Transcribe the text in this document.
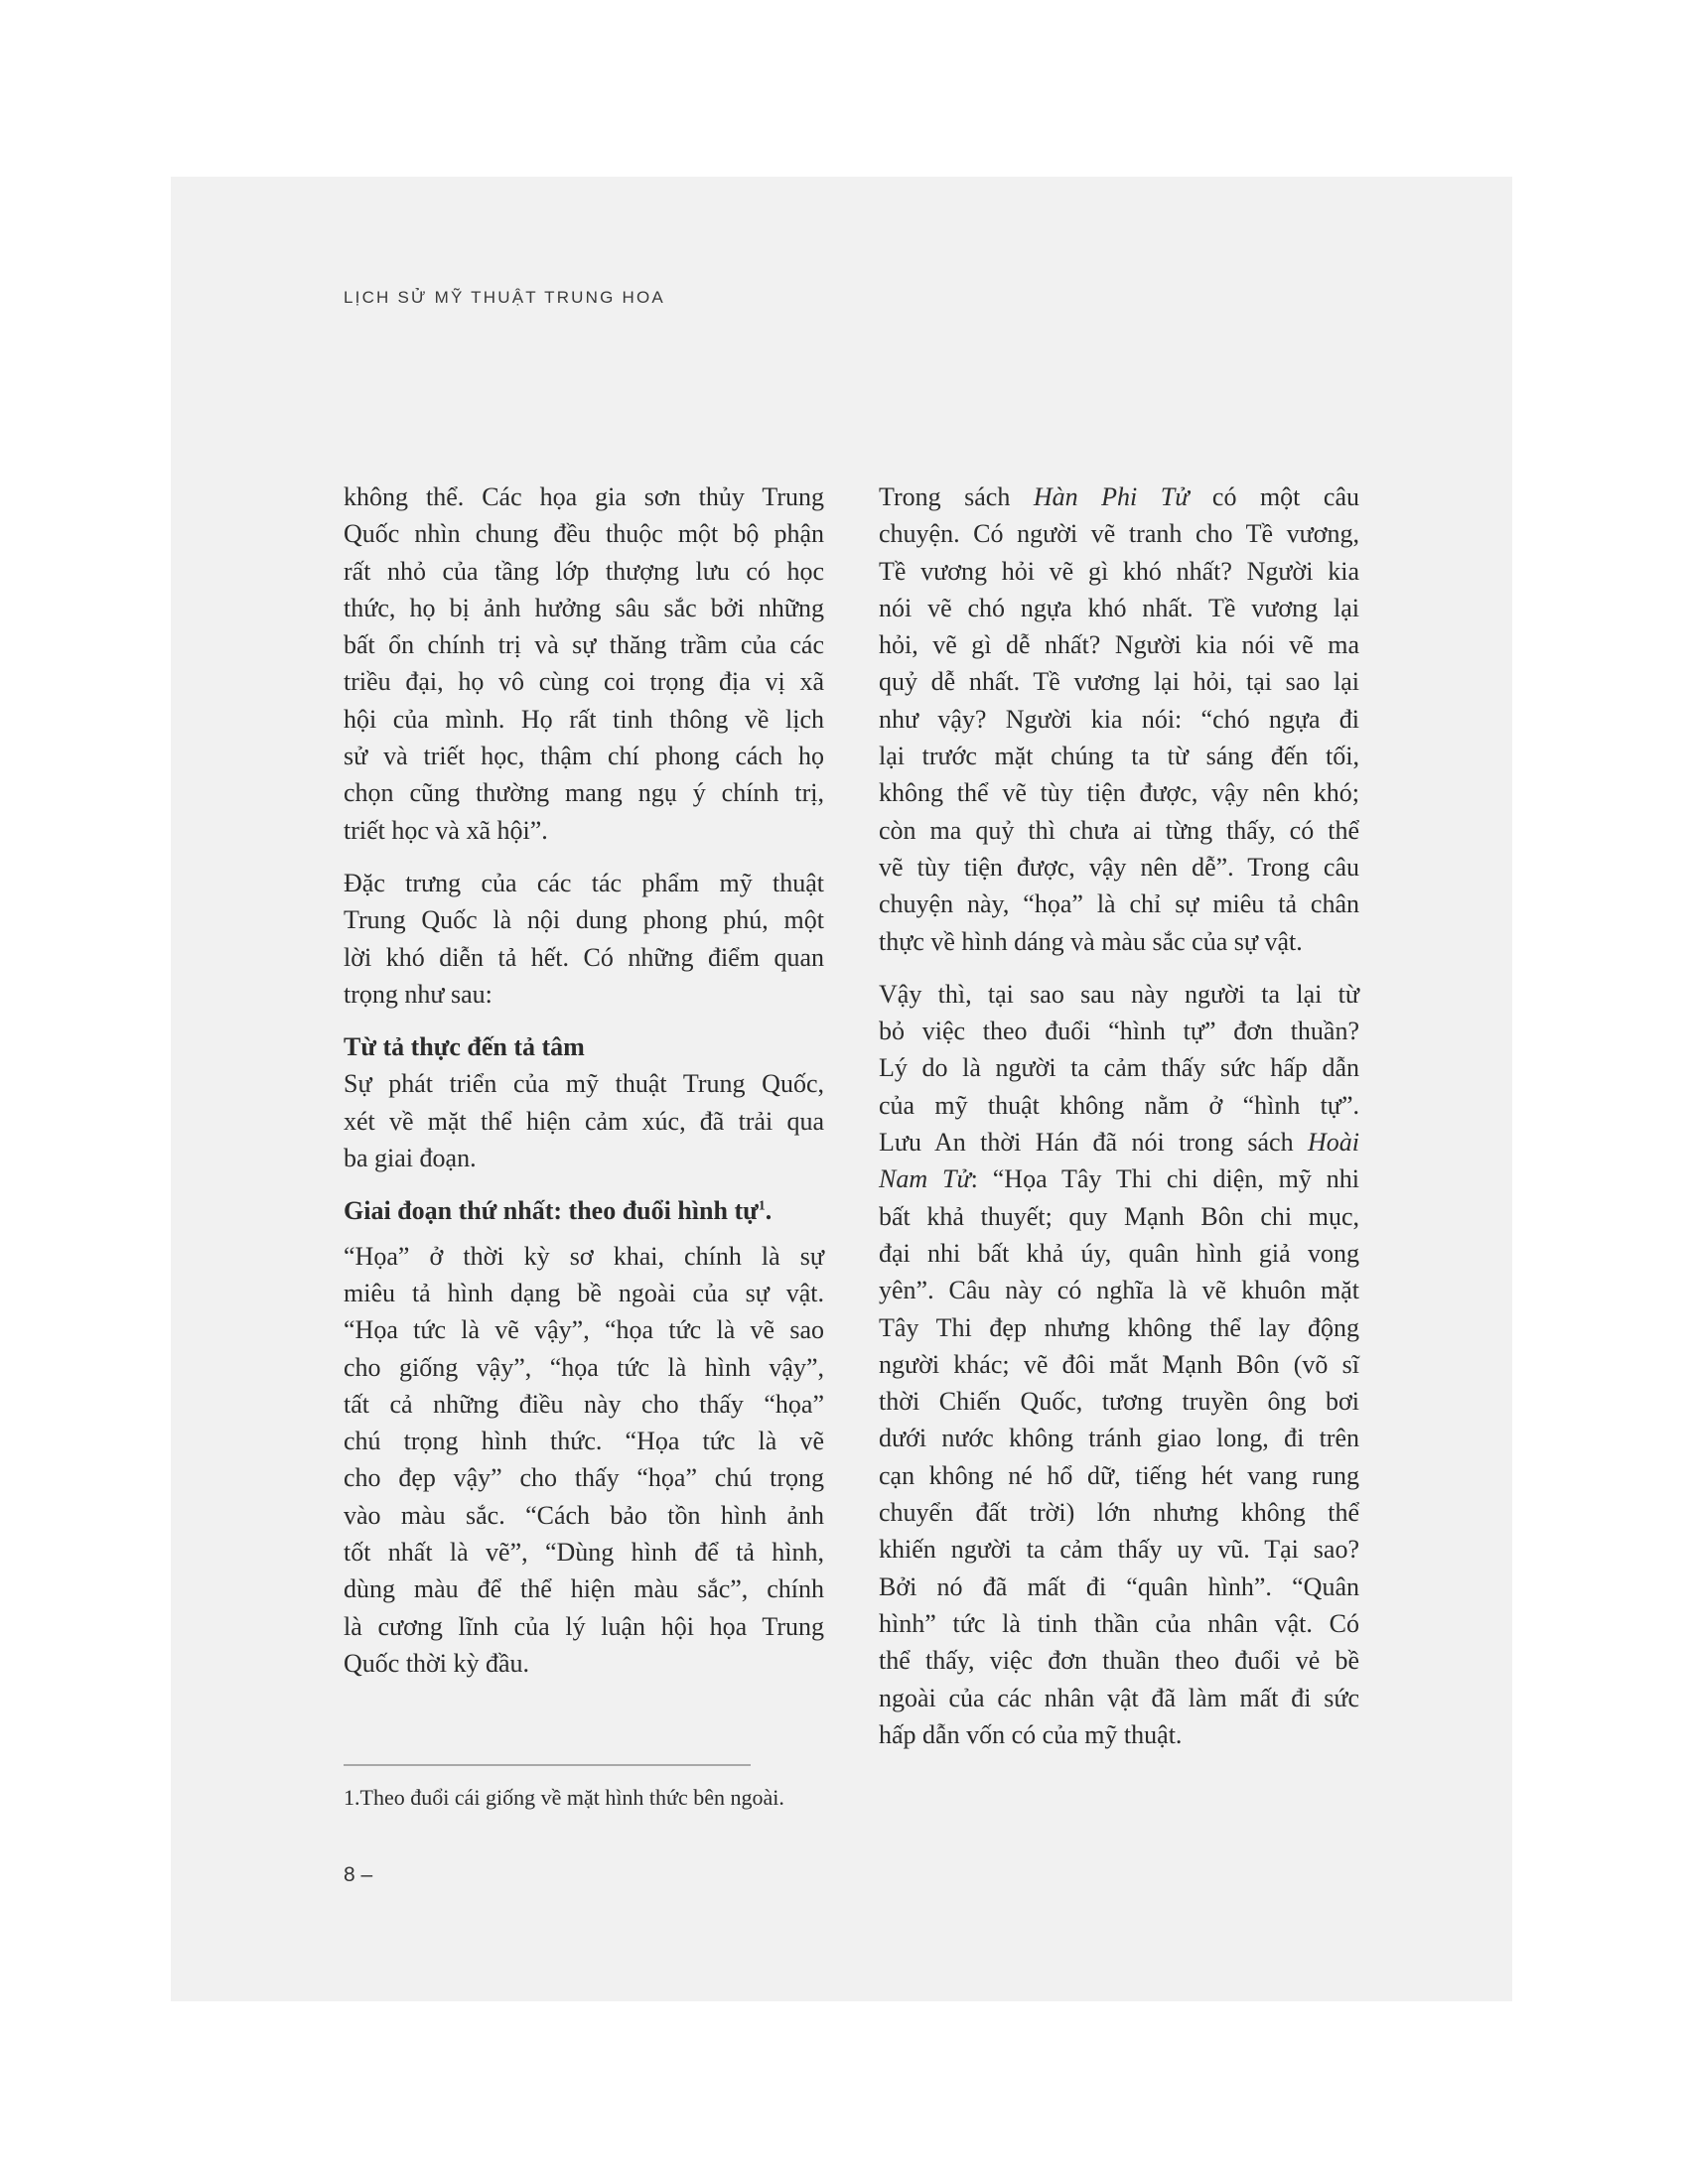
LỊCH SỬ MỸ THUẬT TRUNG HOA
không thể. Các họa gia sơn thủy Trung
Quốc nhìn chung đều thuộc một bộ phận
rất nhỏ của tầng lớp thượng lưu có học
thức, họ bị ảnh hưởng sâu sắc bởi những
bất ổn chính trị và sự thăng trầm của các
triều đại, họ vô cùng coi trọng địa vị xã
hội của mình. Họ rất tinh thông về lịch
sử và triết học, thậm chí phong cách họ
chọn cũng thường mang ngụ ý chính trị,
triết học và xã hội”.
Đặc trưng của các tác phẩm mỹ thuật
Trung Quốc là nội dung phong phú, một
lời khó diễn tả hết. Có những điểm quan
trọng như sau:
Từ tả thực đến tả tâm
Sự phát triển của mỹ thuật Trung Quốc,
xét về mặt thể hiện cảm xúc, đã trải qua
ba giai đoạn.
Giai đoạn thứ nhất: theo đuổi hình tự$^1$.
“Họa” ở thời kỳ sơ khai, chính là sự
miêu tả hình dạng bề ngoài của sự vật.
“Họa tức là vẽ vậy”, “họa tức là vẽ sao
cho giống vậy”, “họa tức là hình vậy”,
tất cả những điều này cho thấy “họa”
chú trọng hình thức. “Họa tức là vẽ
cho đẹp vậy” cho thấy “họa” chú trọng
vào màu sắc. “Cách bảo tồn hình ảnh
tốt nhất là vẽ”, “Dùng hình để tả hình,
dùng màu để thể hiện màu sắc”, chính
là cương lĩnh của lý luận hội họa Trung
Quốc thời kỳ đầu.
Trong sách Hàn Phi Tử có một câu
chuyện. Có người vẽ tranh cho Tề vương,
Tề vương hỏi vẽ gì khó nhất? Người kia
nói vẽ chó ngựa khó nhất. Tề vương lại
hỏi, vẽ gì dễ nhất? Người kia nói vẽ ma
quỷ dễ nhất. Tề vương lại hỏi, tại sao lại
như vậy? Người kia nói: “chó ngựa đi
lại trước mặt chúng ta từ sáng đến tối,
không thể vẽ tùy tiện được, vậy nên khó;
còn ma quỷ thì chưa ai từng thấy, có thể
vẽ tùy tiện được, vậy nên dễ”. Trong câu
chuyện này, “họa” là chỉ sự miêu tả chân
thực về hình dáng và màu sắc của sự vật.
Vậy thì, tại sao sau này người ta lại từ
bỏ việc theo đuổi “hình tự” đơn thuần?
Lý do là người ta cảm thấy sức hấp dẫn
của mỹ thuật không nằm ở “hình tự”.
Lưu An thời Hán đã nói trong sách Hoài
Nam Tử: “Họa Tây Thi chi diện, mỹ nhi
bất khả thuyết; quy Mạnh Bôn chi mục,
đại nhi bất khả úy, quân hình giả vong
yên”. Câu này có nghĩa là vẽ khuôn mặt
Tây Thi đẹp nhưng không thể lay động
người khác; vẽ đôi mắt Mạnh Bôn (võ sĩ
thời Chiến Quốc, tương truyền ông bơi
dưới nước không tránh giao long, đi trên
cạn không né hổ dữ, tiếng hét vang rung
chuyển đất trời) lớn nhưng không thể
khiến người ta cảm thấy uy vũ. Tại sao?
Bởi nó đã mất đi “quân hình”. “Quân
hình” tức là tinh thần của nhân vật. Có
thể thấy, việc đơn thuần theo đuổi vẻ bề
ngoài của các nhân vật đã làm mất đi sức
hấp dẫn vốn có của mỹ thuật.
1.Theo đuổi cái giống về mặt hình thức bên ngoài.
8 –
